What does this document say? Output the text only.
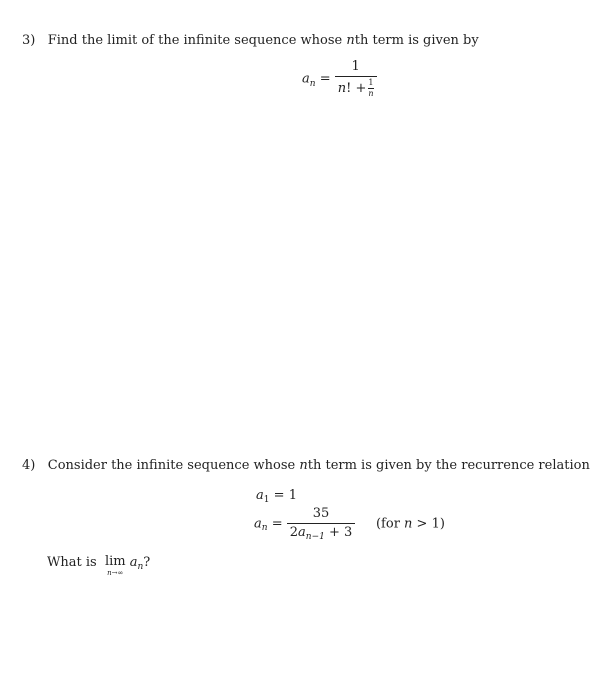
3) Find the limit of the infinite sequence whose nth term is given by
$a_n = \frac{1}{n! + \frac{1}{n}}$
4) Consider the infinite sequence whose nth term is given by the recurrence relation
$a_1 = 1$
$a_n = \frac{35}{2a_{n-1} + 3} (for$ n > 1)
What is lim
n→∞
$a_n$?
